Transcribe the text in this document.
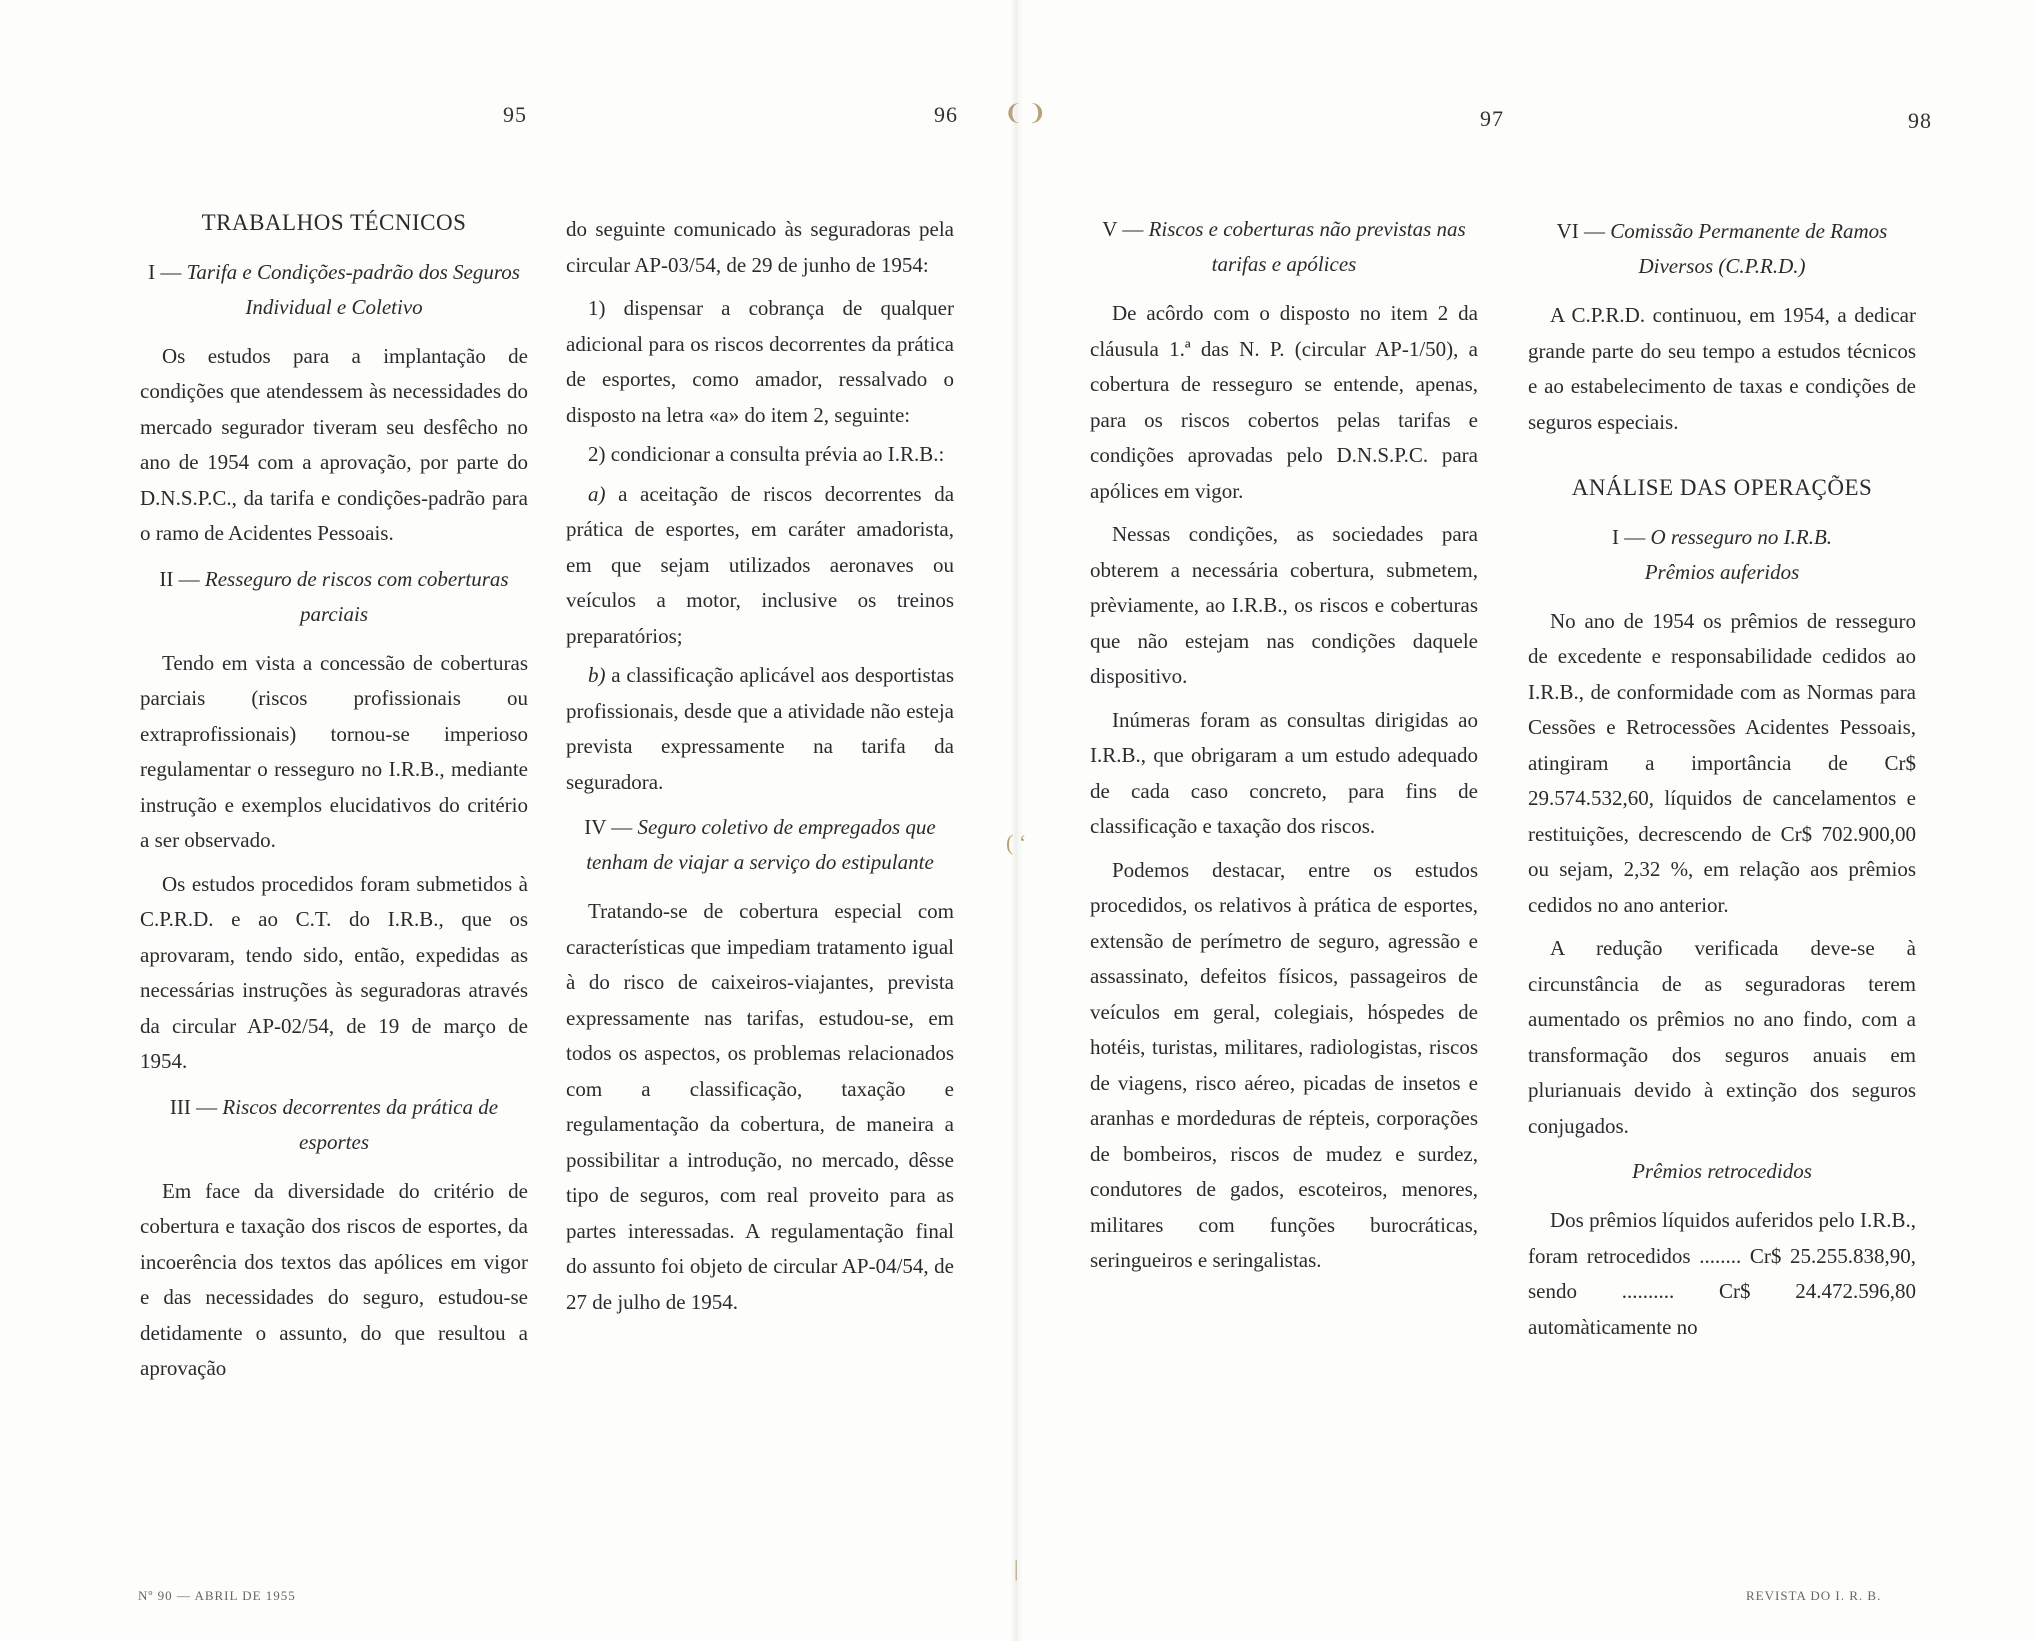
❨ ❩
( ‘
|
95	96	97	98
TRABALHOS TÉCNICOS
I — Tarifa e Condições-padrão dos Seguros Individual e Coletivo

Os estudos para a implantação de condições que atendessem às necessidades do mercado segurador tiveram seu desfêcho no ano de 1954 com a aprovação, por parte do D.N.S.P.C., da tarifa e condições-padrão para o ramo de Acidentes Pessoais.

II — Resseguro de riscos com coberturas parciais

Tendo em vista a concessão de coberturas parciais (riscos profissionais ou extraprofissionais) tornou-se imperioso regulamentar o resseguro no I.R.B., mediante instrução e exemplos elucidativos do critério a ser observado.

Os estudos procedidos foram submetidos à C.P.R.D. e ao C.T. do I.R.B., que os aprovaram, tendo sido, então, expedidas as necessárias instruções às seguradoras através da circular AP-02/54, de 19 de março de 1954.

III — Riscos decorrentes da prática de esportes

Em face da diversidade do critério de cobertura e taxação dos riscos de esportes, da incoerência dos textos das apólices em vigor e das necessidades do seguro, estudou-se detidamente o assunto, do que resultou a aprovação

do seguinte comunicado às seguradoras pela circular AP-03/54, de 29 de junho de 1954:

1) dispensar a cobrança de qualquer adicional para os riscos decorrentes da prática de esportes, como amador, ressalvado o disposto na letra «a» do item 2, seguinte:

2) condicionar a consulta prévia ao I.R.B.:

a) a aceitação de riscos decorrentes da prática de esportes, em caráter amadorista, em que sejam utilizados aeronaves ou veículos a motor, inclusive os treinos preparatórios;

b) a classificação aplicável aos desportistas profissionais, desde que a atividade não esteja prevista expressamente na tarifa da seguradora.

IV — Seguro coletivo de empregados que tenham de viajar a serviço do estipulante

Tratando-se de cobertura especial com características que impediam tratamento igual à do risco de caixeiros-viajantes, prevista expressamente nas tarifas, estudou-se, em todos os aspectos, os problemas relacionados com a classificação, taxação e regulamentação da cobertura, de maneira a possibilitar a introdução, no mercado, dêsse tipo de seguros, com real proveito para as partes interessadas. A regulamentação final do assunto foi objeto de circular AP-04/54, de 27 de julho de 1954.

V — Riscos e coberturas não previstas nas tarifas e apólices

De acôrdo com o disposto no item 2 da cláusula 1.ª das N. P. (circular AP-1/50), a cobertura de resseguro se entende, apenas, para os riscos cobertos pelas tarifas e condições aprovadas pelo D.N.S.P.C. para apólices em vigor.

Nessas condições, as sociedades para obterem a necessária cobertura, submetem, prèviamente, ao I.R.B., os riscos e coberturas que não estejam nas condições daquele dispositivo.

Inúmeras foram as consultas dirigidas ao I.R.B., que obrigaram a um estudo adequado de cada caso concreto, para fins de classificação e taxação dos riscos.

Podemos destacar, entre os estudos procedidos, os relativos à prática de esportes, extensão de perímetro de seguro, agressão e assassinato, defeitos físicos, passageiros de veículos em geral, colegiais, hóspedes de hotéis, turistas, militares, radiologistas, riscos de viagens, risco aéreo, picadas de insetos e aranhas e mordeduras de répteis, corporações de bombeiros, riscos de mudez e surdez, condutores de gados, escoteiros, menores, militares com funções burocráticas, seringueiros e seringalistas.

VI — Comissão Permanente de Ramos Diversos (C.P.R.D.)

A C.P.R.D. continuou, em 1954, a dedicar grande parte do seu tempo a estudos técnicos e ao estabelecimento de taxas e condições de seguros especiais.

ANÁLISE DAS OPERAÇÕES
I — O resseguro no I.R.B.
Prêmios auferidos

No ano de 1954 os prêmios de resseguro de excedente e responsabilidade cedidos ao I.R.B., de conformidade com as Normas para Cessões e Retrocessões Acidentes Pessoais, atingiram a importância de Cr$ 29.574.532,60, líquidos de cancelamentos e restituições, decrescendo de Cr$ 702.900,00 ou sejam, 2,32 %, em relação aos prêmios cedidos no ano anterior.

A redução verificada deve-se à circunstância de as seguradoras terem aumentado os prêmios no ano findo, com a transformação dos seguros anuais em plurianuais devido à extinção dos seguros conjugados.

Prêmios retrocedidos

Dos prêmios líquidos auferidos pelo I.R.B., foram retrocedidos ........ Cr$ 25.255.838,90, sendo .......... Cr$ 24.472.596,80 automàticamente no

Nº 90 — ABRIL DE 1955	REVISTA DO I. R. B.
